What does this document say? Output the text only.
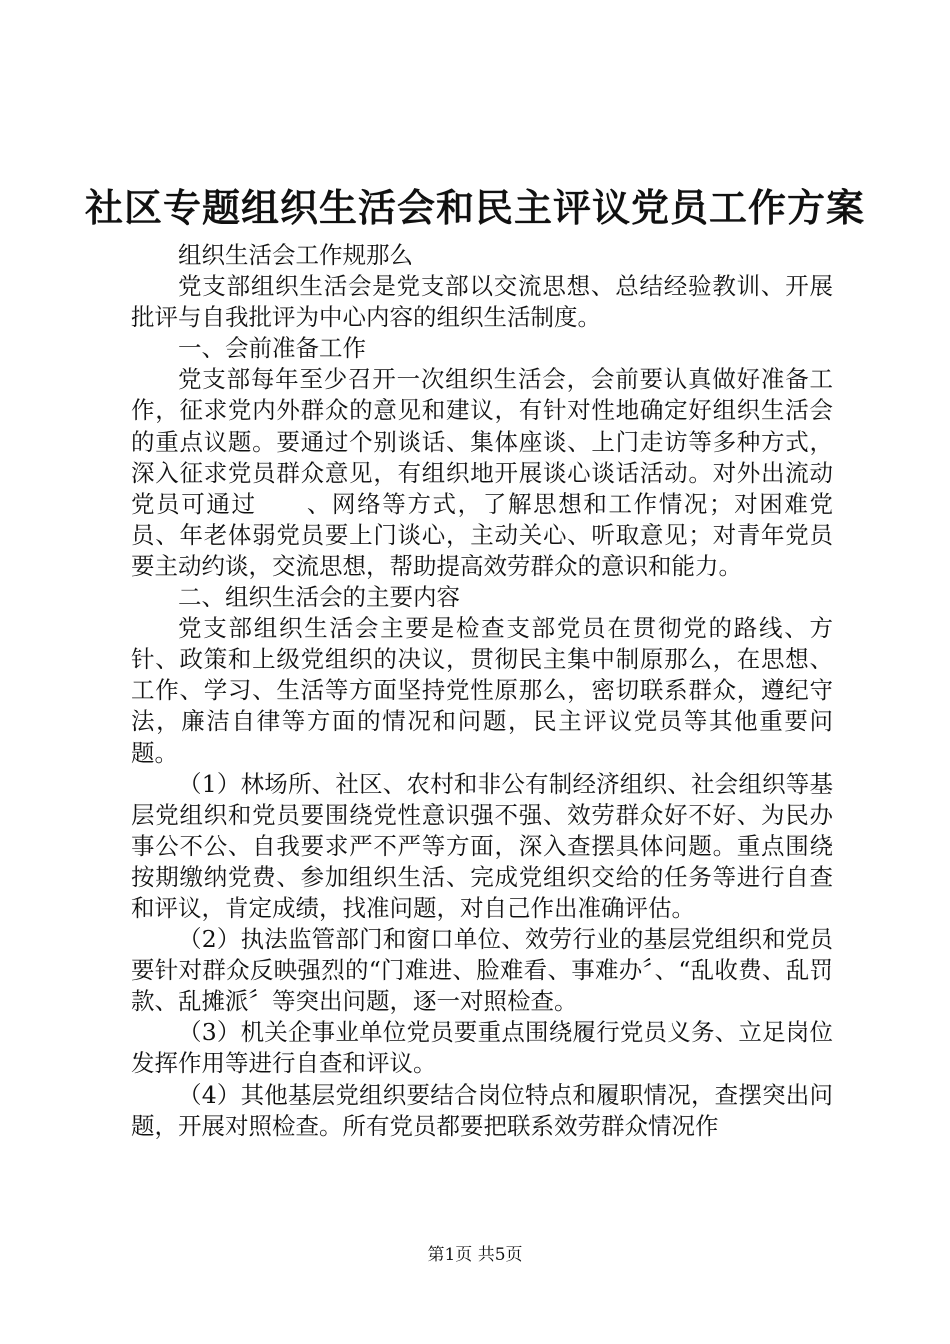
社区专题组织生活会和民主评议党员工作方案

组织生活会工作规那么

党支部组织生活会是党支部以交流思想、总结经验教训、开展批评与自我批评为中心内容的组织生活制度。

一、会前准备工作

党支部每年至少召开一次组织生活会，会前要认真做好准备工作，征求党内外群众的意见和建议，有针对性地确定好组织生活会的重点议题。要通过个别谈话、集体座谈、上门走访等多种方式，深入征求党员群众意见，有组织地开展谈心谈话活动。对外出流动党员可通过　　、网络等方式，了解思想和工作情况；对困难党员、年老体弱党员要上门谈心，主动关心、听取意见；对青年党员要主动约谈，交流思想，帮助提高效劳群众的意识和能力。

二、组织生活会的主要内容

党支部组织生活会主要是检查支部党员在贯彻党的路线、方针、政策和上级党组织的决议，贯彻民主集中制原那么，在思想、工作、学习、生活等方面坚持党性原那么，密切联系群众，遵纪守法，廉洁自律等方面的情况和问题，民主评议党员等其他重要问题。

（1）林场所、社区、农村和非公有制经济组织、社会组织等基层党组织和党员要围绕党性意识强不强、效劳群众好不好、为民办事公不公、自我要求严不严等方面，深入查摆具体问题。重点围绕按期缴纳党费、参加组织生活、完成党组织交给的任务等进行自查和评议，肯定成绩，找准问题，对自己作出准确评估。

（2）执法监管部门和窗口单位、效劳行业的基层党组织和党员要针对群众反映强烈的“门难进、脸难看、事难办〞、“乱收费、乱罚款、乱摊派〞等突出问题，逐一对照检查。

（3）机关企事业单位党员要重点围绕履行党员义务、立足岗位发挥作用等进行自查和评议。

（4）其他基层党组织要结合岗位特点和履职情况，查摆突出问题，开展对照检查。所有党员都要把联系效劳群众情况作

第1页 共5页
